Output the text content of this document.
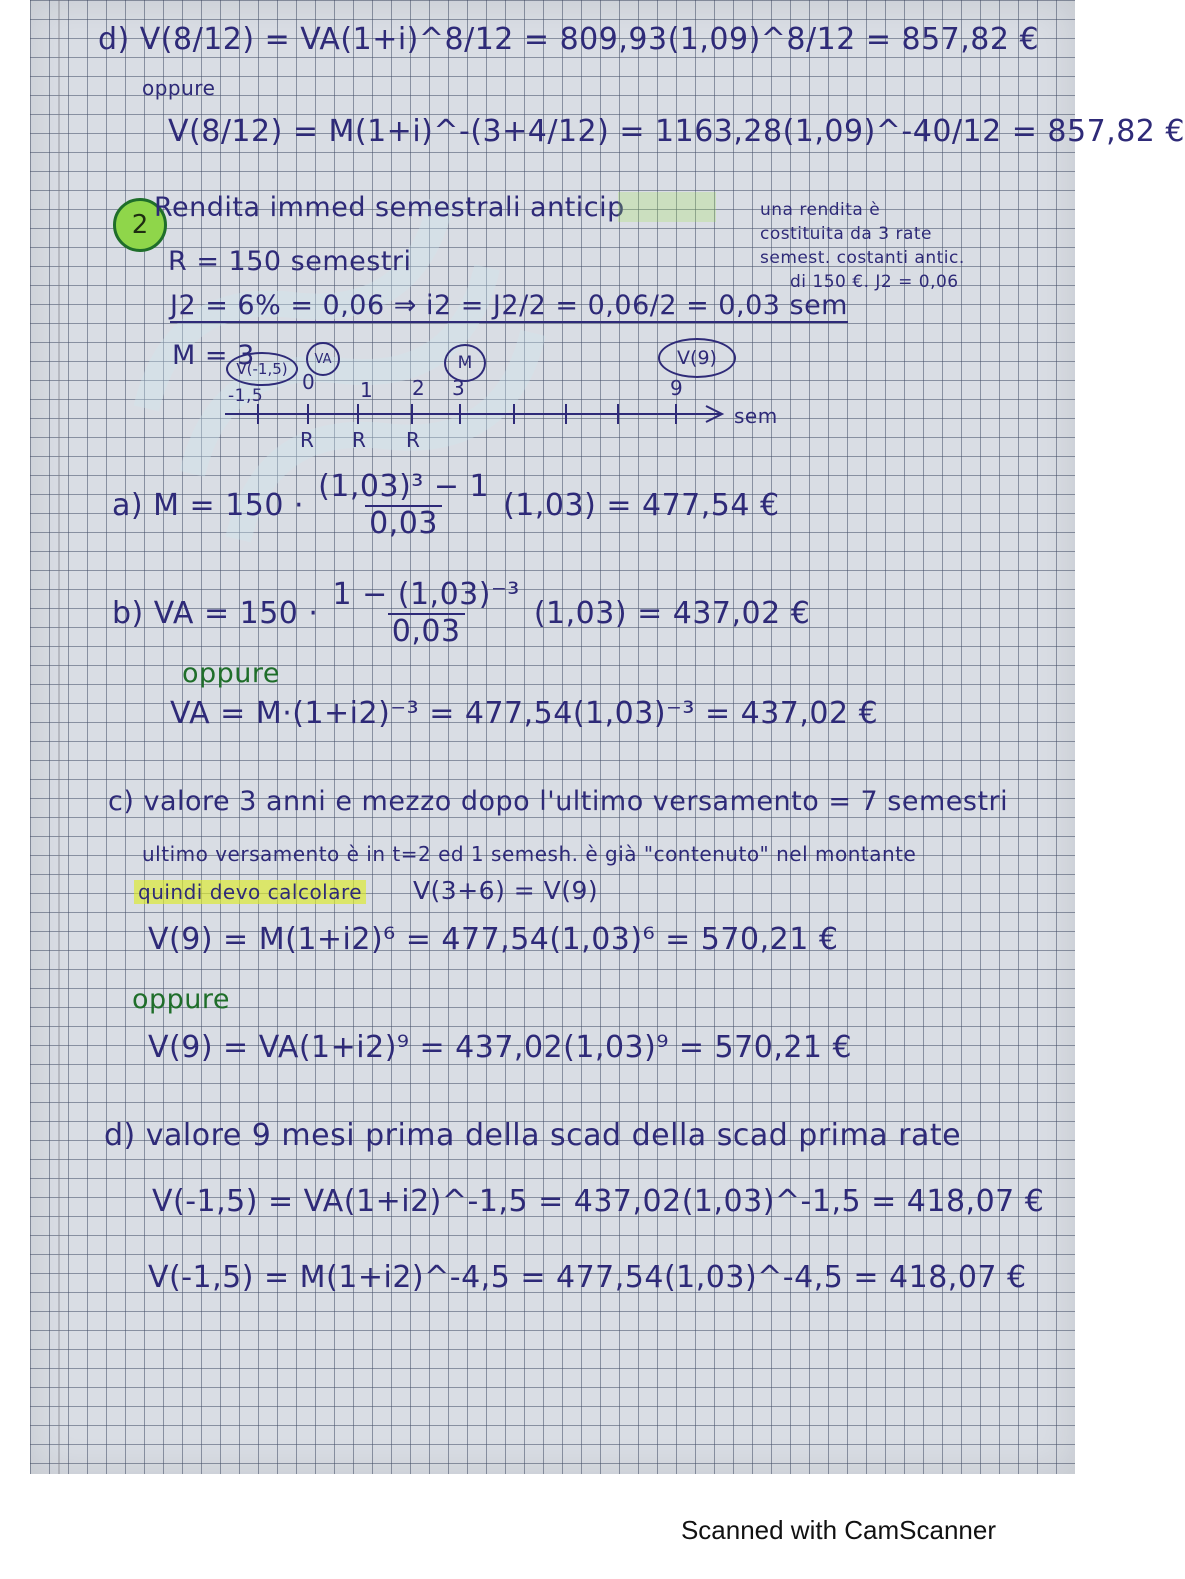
d) V(8/12) = VA(1+i)^8/12 = 809,93(1,09)^8/12 = 857,82 €

oppure

V(8/12) = M(1+i)^-(3+4/12) = 1163,28(1,09)^-40/12 = 857,82 €

2

Rendita immed semestrali anticip	una rendita è

costituita da 3 rate

semest. costanti antic.

di 150 €. J2 = 0,06

R = 150 semestri

J2 = 6% = 0,06 ⇒ i2 = J2/2 = 0,06/2 = 0,03 sem

M = 3

V(-1,5)
VA	M	V(9)

-1,5

0 1 2 3	9

R R R

sem

a) $M = 150 \cdot \frac{\text{(1,03)³ − 1}}{0,03} (1,03) = 477,54$ €
b) VA = $150 \cdot \frac{\text{1 − (1,03)⁻³}}{0,03} (1,03) = 437,02$ €

oppure

VA = M·(1+i2)⁻³ = 477,54(1,03)⁻³ = 437,02 €

c) valore 3 anni e mezzo dopo l'ultimo versamento = 7 semestri

ultimo versamento è in t=2 ed 1 semesh. è già "contenuto" nel montante

quindi devo calcolare V(3+6) = V(9)

V(9) = M(1+i2)⁶ = 477,54(1,03)⁶ = 570,21 €

oppure

V(9) = VA(1+i2)⁹ = 437,02(1,03)⁹ = 570,21 €

d) valore 9 mesi prima della scad della scad prima rate

V(-1,5) = VA(1+i2)^-1,5 = 437,02(1,03)^-1,5 = 418,07 €

V(-1,5) = M(1+i2)^-4,5 = 477,54(1,03)^-4,5 = 418,07 €

Scanned with CamScanner
